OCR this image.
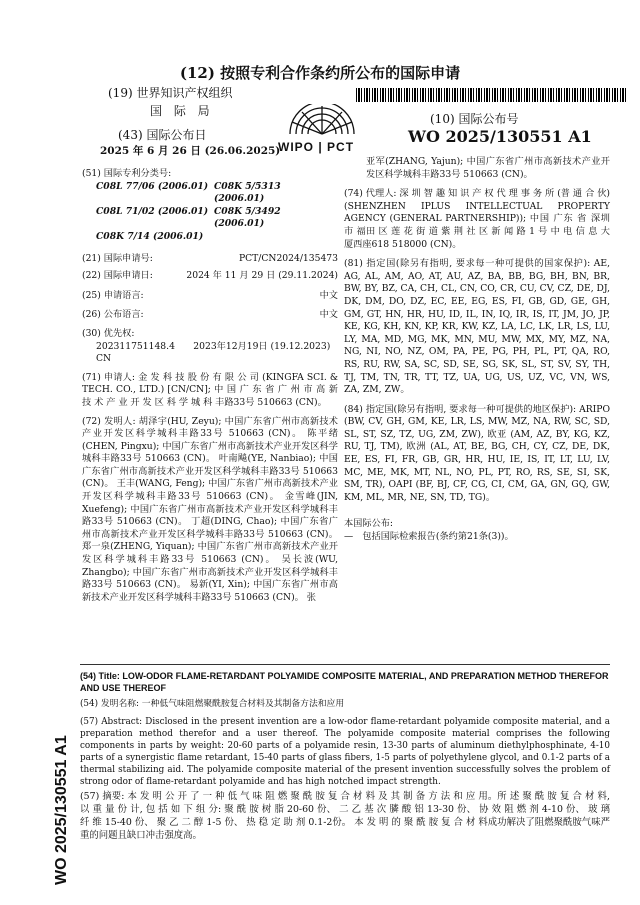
(12) 按照专利合作条约所公布的国际申请
(19) 世界知识产权组织
国 际 局
(43) 国际公布日
2025 年 6 月 26 日 (26.06.2025)
WIPO | PCT
(10) 国际公布号
WO 2025/130551 A1
(51) 国际专利分类号:
C08L 77/06 (2006.01) C08K 5/5313 (2006.01)
C08L 71/02 (2006.01) C08K 5/3492 (2006.01)
C08K 7/14 (2006.01)
(21) 国际申请号:	PCT/CN2024/135473
(22) 国际申请日:	2024 年 11 月 29 日 (29.11.2024)
(25) 申请语言:	中文
(26) 公布语言:	中文
(30) 优先权:
202311751148.4　　2023年12月19日 (19.12.2023) CN
(71) 申请人: 金 发 科 技 股 份 有 限 公 司 (KINGFA SCI. & TECH. CO., LTD.) [CN/CN]; 中 国 广 东 省 广 州 市 高 新 技 术 产 业 开 发 区 科 学 城 科 丰路33号 510663 (CN)。
(72) 发明人: 胡泽宇(HU, Zeyu); 中国广东省广州市高新技术产业开发区科学城科丰路33号 510663 (CN)。 陈平绪(CHEN, Pingxu); 中国广东省广州市高新技术产业开发区科学城科丰路33号 510663 (CN)。 叶南飚(YE, Nanbiao); 中国广东省广州市高新技术产业开发区科学城科丰路33号 510663 (CN)。 王丰(WANG, Feng); 中国广东省广州市高新技术产业开发区科学城科丰路33号 510663 (CN)。 金雪峰(JIN, Xuefeng); 中国广东省广州市高新技术产业开发区科学城科丰路33号 510663 (CN)。 丁超(DING, Chao); 中国广东省广州市高新技术产业开发区科学城科丰路33号 510663 (CN)。 郑一泉(ZHENG, Yiquan); 中国广东省广州市高新技术产业开发区科学城科丰路33号 510663 (CN)。 吴长波(WU, Zhangbo); 中国广东省广州市高新技术产业开发区科学城科丰路33号 510663 (CN)。 易新(YI, Xin); 中国广东省广州市高新技术产业开发区科学城科丰路33号 510663 (CN)。 张
亚军(ZHANG, Yajun); 中国广东省广州市高新技术产业开发区科学城科丰路33号 510663 (CN)。
(74) 代理人: 深 圳 智 趣 知 识 产 权 代 理 事 务 所 (普 通 合 伙) (SHENZHEN IPLUS INTELLECTUAL PROPERTY AGENCY (GENERAL PARTNERSHIP)); 中国 广东 省 深圳 市 福田 区 莲 花 街 道 紫 荆 社 区 新 闻 路 1 号 中 电 信 息 大厦西座618 518000 (CN)。
(81) 指定国(除另有指明, 要求每一种可提供的国家保护): AE, AG, AL, AM, AO, AT, AU, AZ, BA, BB, BG, BH, BN, BR, BW, BY, BZ, CA, CH, CL, CN, CO, CR, CU, CV, CZ, DE, DJ, DK, DM, DO, DZ, EC, EE, EG, ES, FI, GB, GD, GE, GH, GM, GT, HN, HR, HU, ID, IL, IN, IQ, IR, IS, IT, JM, JO, JP, KE, KG, KH, KN, KP, KR, KW, KZ, LA, LC, LK, LR, LS, LU, LY, MA, MD, MG, MK, MN, MU, MW, MX, MY, MZ, NA, NG, NI, NO, NZ, OM, PA, PE, PG, PH, PL, PT, QA, RO, RS, RU, RW, SA, SC, SD, SE, SG, SK, SL, ST, SV, SY, TH, TJ, TM, TN, TR, TT, TZ, UA, UG, US, UZ, VC, VN, WS, ZA, ZM, ZW。
(84) 指定国(除另有指明, 要求每一种可提供的地区保护): ARIPO (BW, CV, GH, GM, KE, LR, LS, MW, MZ, NA, RW, SC, SD, SL, ST, SZ, TZ, UG, ZM, ZW), 欧亚 (AM, AZ, BY, KG, KZ, RU, TJ, TM), 欧洲 (AL, AT, BE, BG, CH, CY, CZ, DE, DK, EE, ES, FI, FR, GB, GR, HR, HU, IE, IS, IT, LT, LU, LV, MC, ME, MK, MT, NL, NO, PL, PT, RO, RS, SE, SI, SK, SM, TR), OAPI (BF, BJ, CF, CG, CI, CM, GA, GN, GQ, GW, KM, ML, MR, NE, SN, TD, TG)。
本国际公布:
—　包括国际检索报告(条约第21条(3))。
(54) Title: LOW-ODOR FLAME-RETARDANT POLYAMIDE COMPOSITE MATERIAL, AND PREPARATION METHOD THEREFOR AND USE THEREOF
(54) 发明名称: 一种低气味阻燃聚酰胺复合材料及其制备方法和应用
(57) Abstract: Disclosed in the present invention are a low-odor flame-retardant polyamide composite material, and a preparation method therefor and a user thereof. The polyamide composite material comprises the following components in parts by weight: 20-60 parts of a polyamide resin, 13-30 parts of aluminum diethylphosphinate, 4-10 parts of a synergistic flame retardant, 15-40 parts of glass fibers, 1-5 parts of polyethylene glycol, and 0.1-2 parts of a thermal stabilizing aid. The polyamide composite material of the present invention successfully solves the problem of strong odor of flame-retardant polyamide and has high notched impact strength.
(57) 摘要: 本 发 明 公 开 了 一 种 低 气 味 阻 燃 聚 酰 胺 复 合 材 料 及 其 制 备 方 法 和 应 用。所 述 聚 酰 胺 复 合 材 料, 以 重 量 份 计, 包 括 如 下 组 分: 聚 酰 胺 树 脂 20-60 份、 二 乙 基 次 膦 酸 铝 13-30 份、 协 效 阻 燃 剂 4-10 份、 玻 璃 纤 维 15-40 份、 聚 乙 二 醇 1-5 份、 热 稳 定 助 剂 0.1-2份。 本 发 明 的 聚 酰 胺 复 合 材 料成功解决了阻燃聚酰胺气味严重的问题且缺口冲击强度高。
WO 2025/130551 A1
